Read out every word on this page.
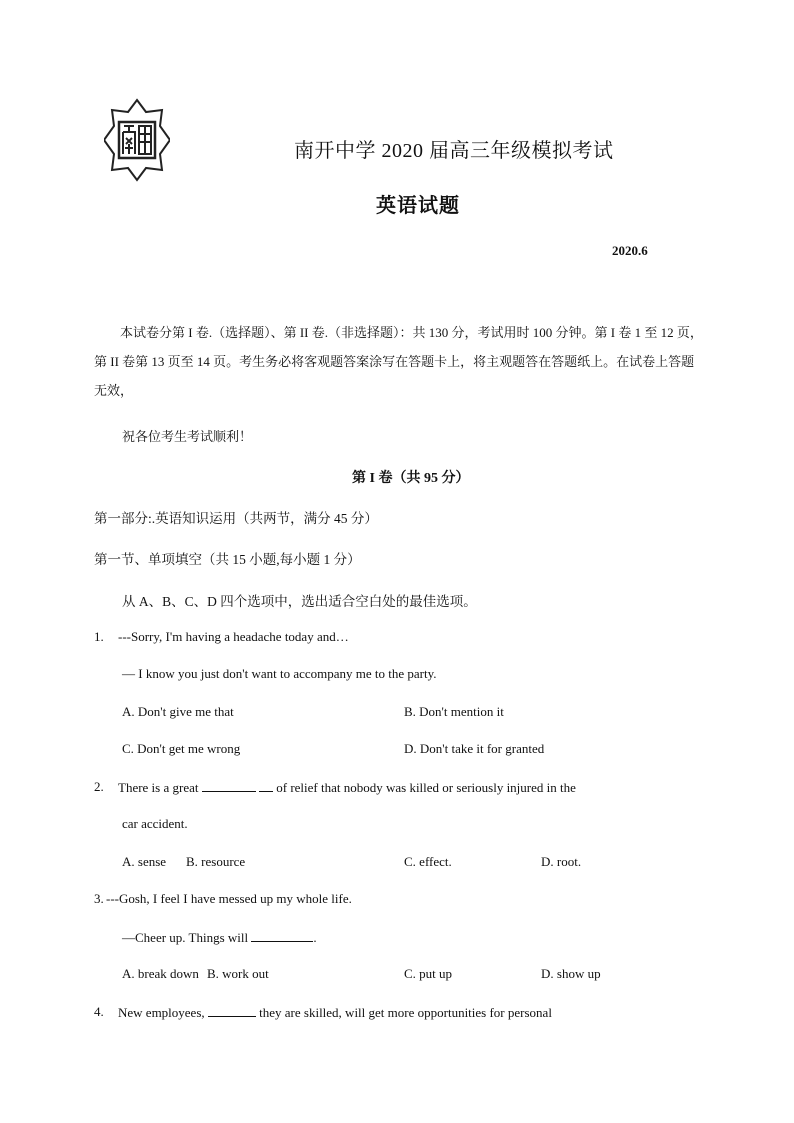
南开中学 2020 届高三年级模拟考试
英语试题
2020.6

本试卷分第 I 卷.（选择题）、第 II 卷.（非选择题）：共 130 分，考试用时 100 分钟。第 I 卷 1 至 12 页，第 II 卷第 13 页至 14 页。考生务必将客观题答案涂写在答题卡上，将主观题答在答题纸上。在试卷上答题无效，

祝各位考生考试顺利！
第 I 卷（共 95 分）
第一部分:.英语知识运用（共两节，满分 45 分）
第一节、单项填空（共 15 小题,每小题 1 分）
从 A、B、C、D 四个选项中，选出适合空白处的最佳选项。
1. ---Sorry, I'm having a headache today and…
— I know you just don't want to accompany me to the party.
A. Don't give me that	B. Don't mention it
C. Don't get me wrong	D. Don't take it for granted
2. There is a great	of relief that nobody was killed or seriously injured in the
car accident.
A. sense B. resource	C. effect.	D. root.
3. ---Gosh, I feel I have messed up my whole life.
—Cheer up. Things will	.
A. break down B. work out	C. put up	D. show up
4. New employees,	they are skilled, will get more opportunities for personal
